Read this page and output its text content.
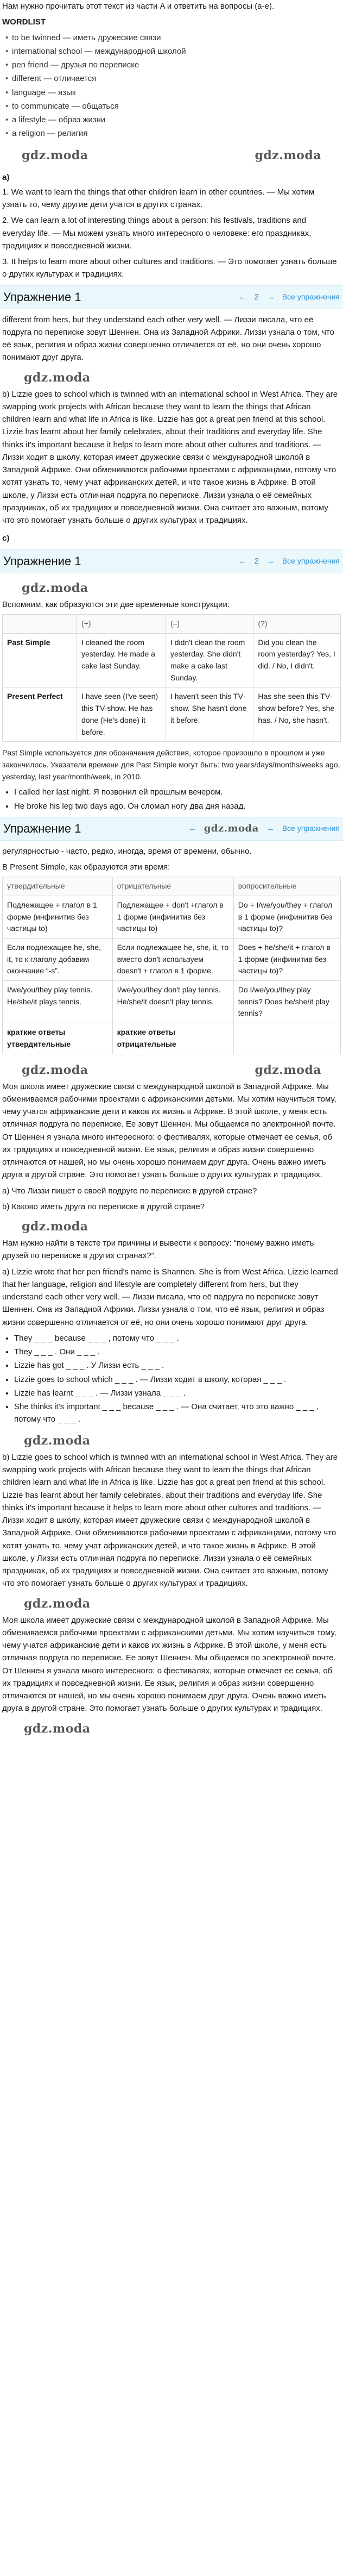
Нам нужно прочитать этот текст из части A и ответить на вопросы (a-e).

WORDLIST
• to be twinned — иметь дружеские связи
• international school — международной школой
• pen friend — друзья по переписке
• different — отличается
• language — язык
• to communicate — общаться
• a lifestyle — образ жизни
• a religion — религия
gdz.moda	gdz.moda
a)

1. We want to learn the things that other children learn in other countries. — Мы хотим узнать то, чему другие дети учатся в других странах.

2. We can learn a lot of interesting things about a person: his festivals, traditions and everyday life. — Мы можем узнать много интересного о человеке: его праздниках, традициях и повседневной жизни.

3. It helps to learn more about other cultures and traditions. — Это помогает узнать больше о других культурах и традициях.

Упражнение 1	← 2 → Все упражнения

different from hers, but they understand each other very well. — Лиззи писала, что её подруга по переписке зовут Шеннен. Она из Западной Африки. Лиззи узнала о том, что её язык, религия и образ жизни совершенно отличается от её, но они очень хорошо понимают друг друга.

gdz.moda

b) Lizzie goes to school which is twinned with an international school in West Africa. They are swapping work projects with African because they want to learn the things that African children learn and what life in Africa is like. Lizzie has got a great pen friend at this school. Lizzie has learnt about her family celebrates, about their traditions and everyday life. She thinks it's important because it helps to learn more about other cultures and traditions. — Лиззи ходит в школу, которая имеет дружеские связи с международной школой в Западной Африке. Они обмениваются рабочими проектами с африканцами, потому что хотят узнать то, чему учат африканских детей, и что такое жизнь в Африке. В этой школе, у Лиззи есть отличная подруга по переписке. Лиззи узнала о её семейных праздниках, об их традициях и повседневной жизни. Она считает это важным, потому что это помогает узнать больше о других культурах и традициях.

c)
Упражнение 1	← 2 → Все упражнения
gdz.moda

Вспомним, как образуются эти две временные конструкции:

	(+)	(–)	(?)
Past Simple	I cleaned the room yesterday. He made a cake last Sunday.	I didn't clean the room yesterday. She didn't make a cake last Sunday.	Did you clean the room yesterday? Yes, I did. / No, I didn't.
Present Perfect	I have seen (I've seen) this TV-show. He has done (He's done) it before.	I haven't seen this TV-show. She hasn't done it before.	Has she seen this TV-show before? Yes, she has. / No, she hasn't.

Past Simple используется для обозначения действия, которое произошло в прошлом и уже закончилось. Указатели времени для Past Simple могут быть: two years/days/months/weeks ago, yesterday, last year/month/week, in 2010.

• I called her last night. Я позвонил ей прошлым вечером.
• He broke his leg two days ago. Он сломал ногу два дня назад.
Упражнение 1	← gdz.moda → Все упражнения

регулярностью - часто, редко, иногда, время от времени, обычно.

В Present Simple, как образуются эти время:

утвердительные	отрицательные	вопросительные
Подлежащее + глагол в 1 форме (инфинитив без частицы to)	Подлежащее + don't +глагол в 1 форме (инфинитив без частицы to)	Do + I/we/you/they + глагол в 1 форме (инфинитив без частицы to)?
Если подлежащее he, she, it, то к глаголу добавим окончание “-s”.	Если подлежащее he, she, it, то вместо don't используем doesn't + глагол в 1 форме.	Does + he/she/it + глагол в 1 форме (инфинитив без частицы to)?
I/we/you/they play tennis. He/she/it plays tennis.	I/we/you/they don't play tennis. He/she/it doesn't play tennis.	Do I/we/you/they play tennis? Does he/she/it play tennis?
краткие ответы утвердительные	краткие ответы отрицательные	
gdz.moda	gdz.moda

Моя школа имеет дружеские связи с международной школой в Западной Африке. Мы обмениваемся рабочими проектами с африканскими детьми. Мы хотим научиться тому, чему учатся африканские дети и каков их жизнь в Африке. В этой школе, у меня есть отличная подруга по переписке. Ее зовут Шеннен. Мы общаемся по электронной почте. От Шеннен я узнала много интересного: о фестивалях, которые отмечает ее семья, об их традициях и повседневной жизни. Ее язык, религия и образ жизни совершенно отличаются от нашей, но мы очень хорошо понимаем друг друга. Очень важно иметь друга в другой стране. Это помогает узнать больше о других культурах и традициях.

a) Что Лиззи пишет о своей подруге по переписке в другой стране?

b) Каково иметь друга по переписке в другой стране?

gdz.moda

Нам нужно найти в тексте три причины и вывести к вопросу: “почему важно иметь друзей по переписке в других странах?”.

a) Lizzie wrote that her pen friend's name is Shannen. She is from West Africa. Lizzie learned that her language, religion and lifestyle are completely different from hers, but they understand each other very well. — Лиззи писала, что её подруга по переписке зовут Шеннен. Она из Западной Африки. Лиззи узнала о том, что её язык, религия и образ жизни совершенно отличается от её, но они очень хорошо понимают друг друга.

• They _ _ _ because _ _ _ , потому что _ _ _ .
• They _ _ _ . Они _ _ _ .
• Lizzie has got _ _ _ . У Лиззи есть _ _ _ .
• Lizzie goes to school which _ _ _ . — Лиззи ходит в школу, которая _ _ _ .
• Lizzie has learnt _ _ _ . — Лиззи узнала _ _ _ .
• She thinks it's important _ _ _ because _ _ _ . — Она считает, что это важно _ _ _ , потому что _ _ _ .
gdz.moda

b) Lizzie goes to school which is twinned with an international school in West Africa. They are swapping work projects with African because they want to learn the things that African children learn and what life in Africa is like. Lizzie has got a great pen friend at this school. Lizzie has learnt about her family celebrates, about their traditions and everyday life. She thinks it's important because it helps to learn more about other cultures and traditions. — Лиззи ходит в школу, которая имеет дружеские связи с международной школой в Западной Африке. Они обмениваются рабочими проектами с африканцами, потому что хотят узнать то, чему учат африканских детей, и что такое жизнь в Африке. В этой школе, у Лиззи есть отличная подруга по переписке. Лиззи узнала о её семейных праздниках, об их традициях и повседневной жизни. Она считает это важным, потому что это помогает узнать больше о других культурах и традициях.

gdz.moda

Моя школа имеет дружеские связи с международной школой в Западной Африке. Мы обмениваемся рабочими проектами с африканскими детьми. Мы хотим научиться тому, чему учатся африканские дети и каков их жизнь в Африке. В этой школе, у меня есть отличная подруга по переписке. Ее зовут Шеннен. Мы общаемся по электронной почте. От Шеннен я узнала много интересного: о фестивалях, которые отмечает ее семья, об их традициях и повседневной жизни. Ее язык, религия и образ жизни совершенно отличаются от нашей, но мы очень хорошо понимаем друг друга. Очень важно иметь друга в другой стране. Это помогает узнать больше о других культурах и традициях.

gdz.moda
